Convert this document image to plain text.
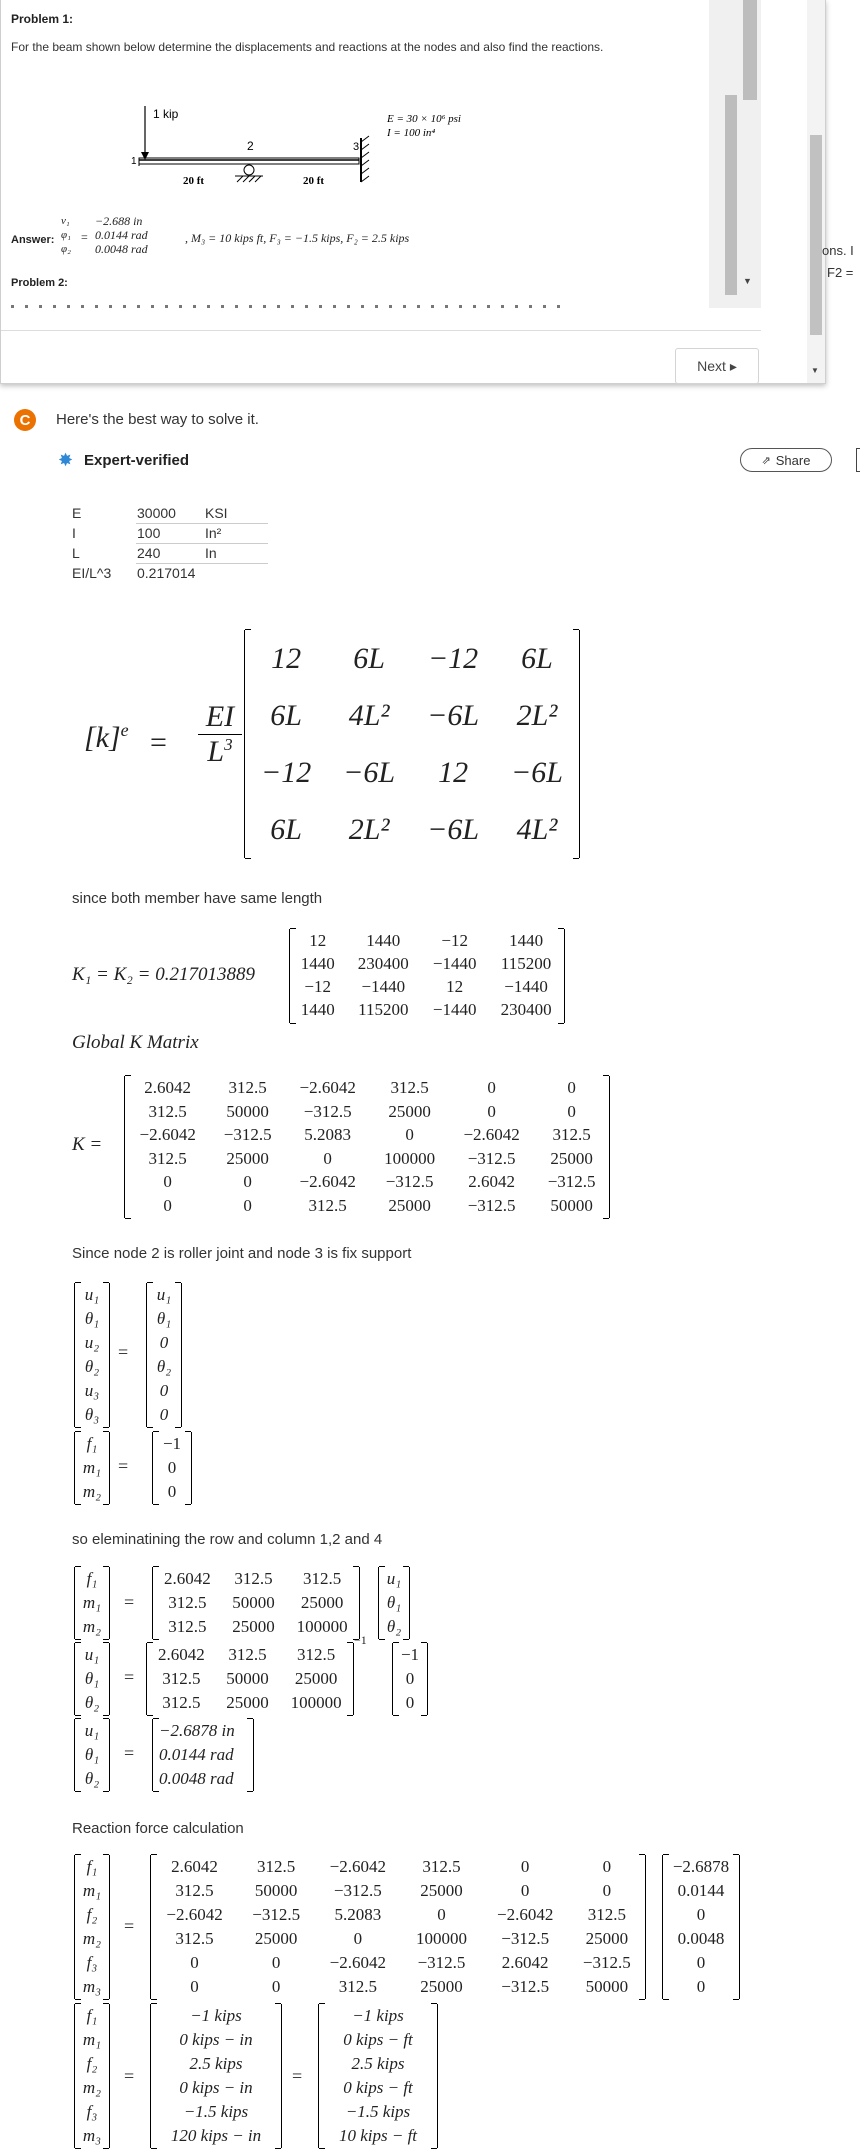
Problem 1:
For the beam shown below determine the displacements and reactions at the nodes and also find the reactions.
1 kip
1
2	3
20 ft	20 ft
E = 30 × 10⁶ psi
I = 100 in⁴
Answer:
v₁
φ₁
φ₂
=
−2.688 in
0.0144 rad
0.0048 rad
, M₃ = 10 kips ft, F₃ = −1.5 kips, F₂ = 2.5 kips
Problem 2:	▼
▼
Next ▸
ons. I
F2 =
C	Here's the best way to solve it.
✸ Expert-verified	⇗ Share
E	30000	KSI
I	100	In²
L	240	In
EI/L^3	0.217014	
$[k]^e$ =
EI
$L^3$
12	6L	−12	6L
6L	4L²	−6L	2L²
−12	−6L	12	−6L
6L	2L²	−6L	4L²
since both member have same length
K₁ = K₂ = 0.217013889
12	1440	−12	1440
1440	230400	−1440	115200
−12	−1440	12	−1440
1440	115200	−1440	230400
Global K Matrix
K =
2.6042	312.5	−2.6042	312.5	0	0
312.5	50000	−312.5	25000	0	0
−2.6042	−312.5	5.2083	0	−2.6042	312.5
312.5	25000	0	100000	−312.5	25000
0	0	−2.6042	−312.5	2.6042	−312.5
0	0	312.5	25000	−312.5	50000
Since node 2 is roller joint and node 3 is fix support
u₁
θ₁
u₂
θ₂
u₃
θ₃
=
u₁
θ₁
0
θ₂
0
0
f₁
m₁
m₂
=
−1
0
0
so eleminatining the row and column 1,2 and 4
f₁
m₁
m₂
=
2.6042	312.5	312.5
312.5	50000	25000
312.5	25000	100000
u₁
θ₁
θ₂
u₁
θ₁
θ₂
=
2.6042	312.5	312.5
312.5	50000	25000
312.5	25000	100000
−1
−1
0
0
u₁
θ₁
θ₂
=
−2.6878 in
0.0144 rad
0.0048 rad
Reaction force calculation
f₁
m₁
f₂
m₂
f₃
m₃
=
2.6042	312.5	−2.6042	312.5	0	0
312.5	50000	−312.5	25000	0	0
−2.6042	−312.5	5.2083	0	−2.6042	312.5
312.5	25000	0	100000	−312.5	25000
0	0	−2.6042	−312.5	2.6042	−312.5
0	0	312.5	25000	−312.5	50000
−2.6878
0.0144
0
0.0048
0
0
f₁
m₁
f₂
m₂
f₃
m₃
=
−1 kips
0 kips − in
2.5 kips
0 kips − in
−1.5 kips
120 kips − in
=
−1 kips
0 kips − ft
2.5 kips
0 kips − ft
−1.5 kips
10 kips − ft
